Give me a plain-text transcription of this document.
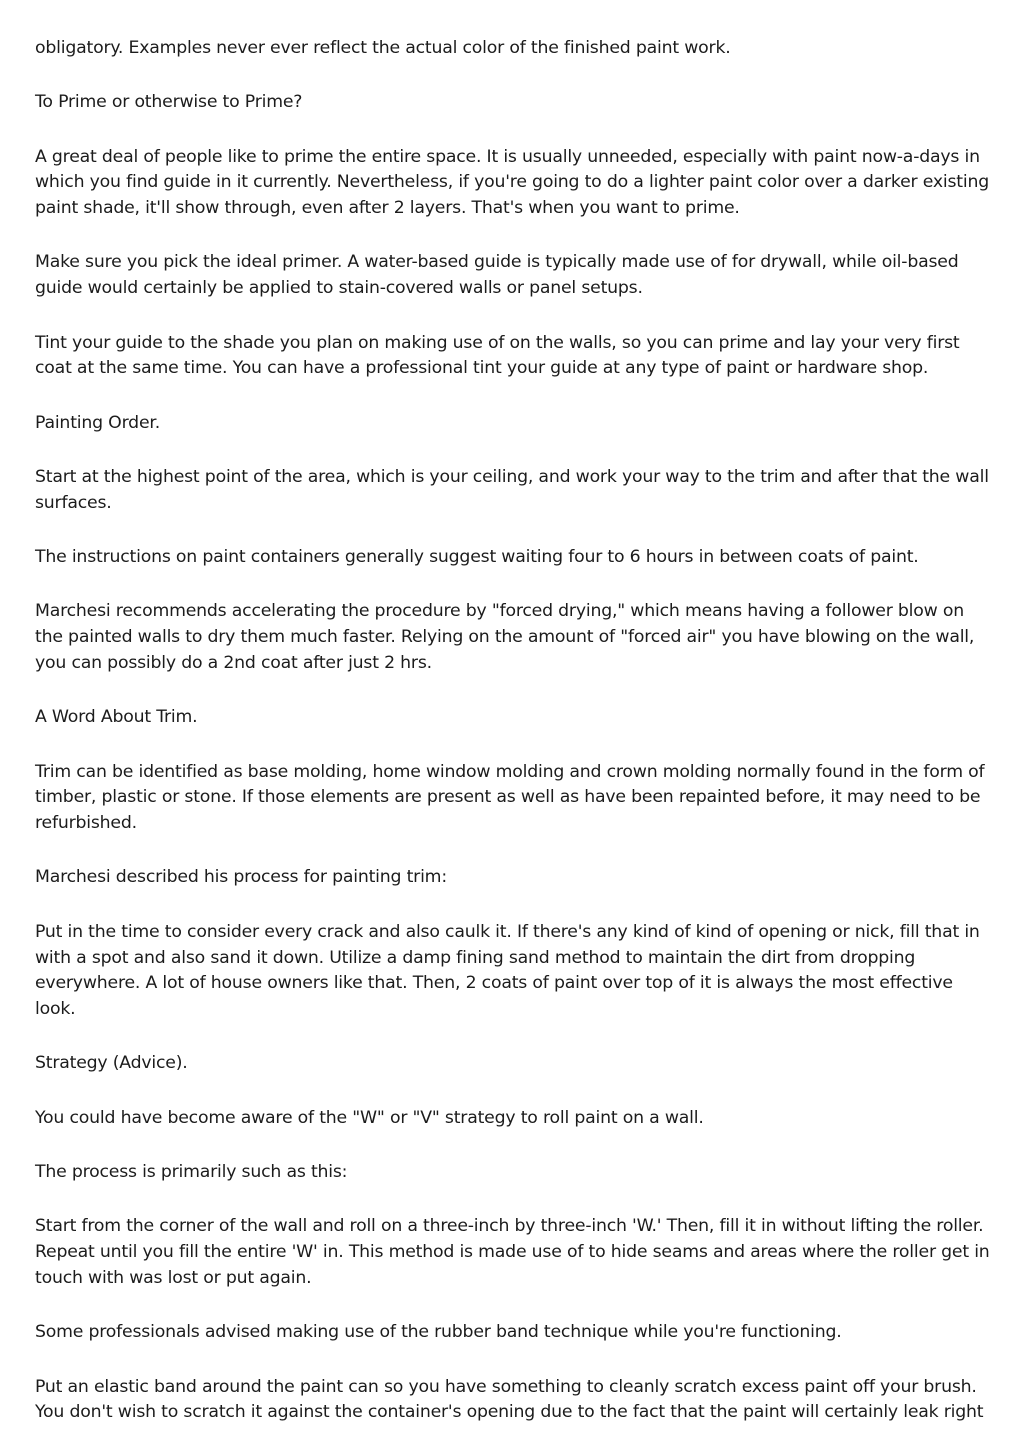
obligatory. Examples never ever reflect the actual color of the finished paint work.

To Prime or otherwise to Prime?

A great deal of people like to prime the entire space. It is usually unneeded, especially with paint now-a-days in which you find guide in it currently. Nevertheless, if you're going to do a lighter paint color over a darker existing paint shade, it'll show through, even after 2 layers. That's when you want to prime.

Make sure you pick the ideal primer. A water-based guide is typically made use of for drywall, while oil-based guide would certainly be applied to stain-covered walls or panel setups.

Tint your guide to the shade you plan on making use of on the walls, so you can prime and lay your very first coat at the same time. You can have a professional tint your guide at any type of paint or hardware shop.

Painting Order.

Start at the highest point of the area, which is your ceiling, and work your way to the trim and after that the wall surfaces.

The instructions on paint containers generally suggest waiting four to 6 hours in between coats of paint.

Marchesi recommends accelerating the procedure by "forced drying," which means having a follower blow on the painted walls to dry them much faster. Relying on the amount of "forced air" you have blowing on the wall, you can possibly do a 2nd coat after just 2 hrs.

A Word About Trim.

Trim can be identified as base molding, home window molding and crown molding normally found in the form of timber, plastic or stone. If those elements are present as well as have been repainted before, it may need to be refurbished.

Marchesi described his process for painting trim:

Put in the time to consider every crack and also caulk it. If there's any kind of kind of opening or nick, fill that in with a spot and also sand it down. Utilize a damp fining sand method to maintain the dirt from dropping everywhere. A lot of house owners like that. Then, 2 coats of paint over top of it is always the most effective look.

Strategy (Advice).

You could have become aware of the "W" or "V" strategy to roll paint on a wall.

The process is primarily such as this:

Start from the corner of the wall and roll on a three-inch by three-inch 'W.' Then, fill it in without lifting the roller. Repeat until you fill the entire 'W' in. This method is made use of to hide seams and areas where the roller get in touch with was lost or put again.

Some professionals advised making use of the rubber band technique while you're functioning.

Put an elastic band around the paint can so you have something to cleanly scratch excess paint off your brush. You don't wish to scratch it against the container's opening due to the fact that the paint will certainly leak right
